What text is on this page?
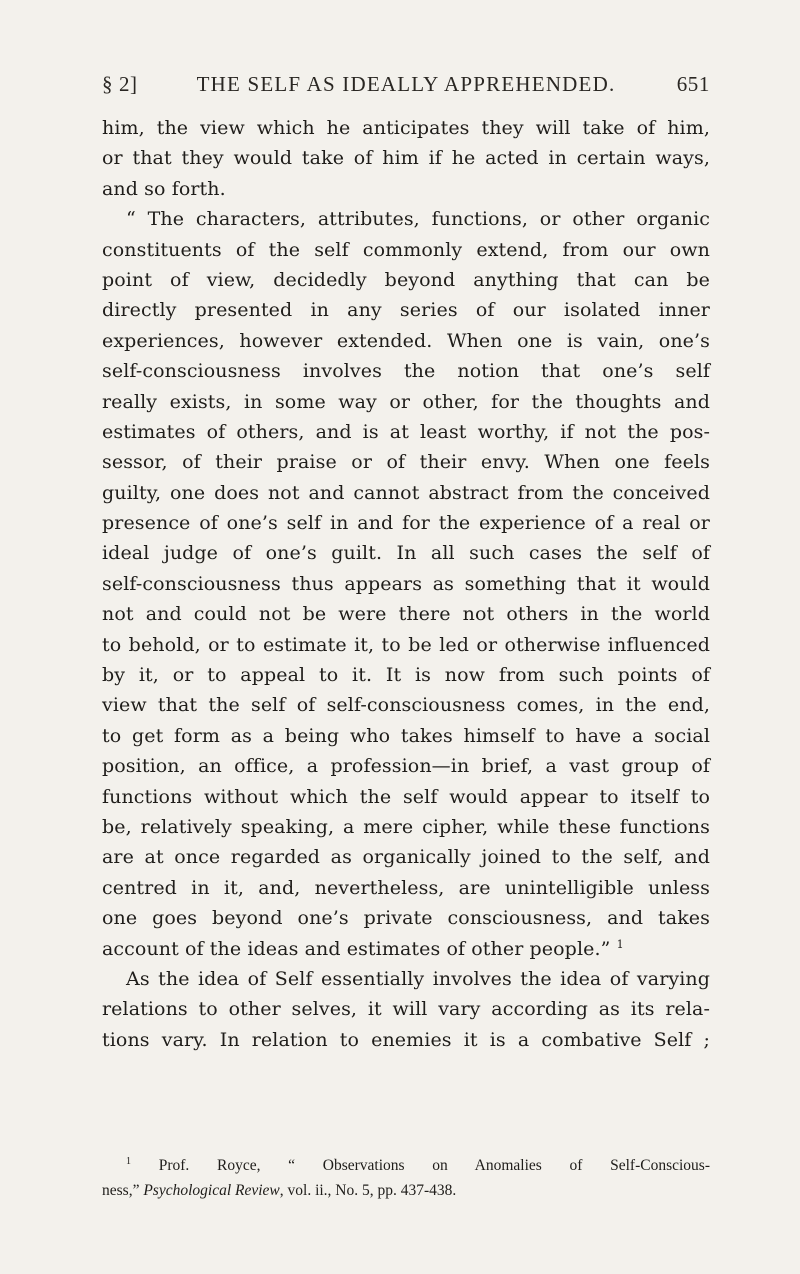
§ 2]	THE SELF AS IDEALLY APPREHENDED.	651
him, the view which he anticipates they will take of him,
or that they would take of him if he acted in certain ways,
and so forth.
“ The characters, attributes, functions, or other organic
constituents of the self commonly extend, from our own
point of view, decidedly beyond anything that can be
directly presented in any series of our isolated inner
experiences, however extended. When one is vain, one’s
self-consciousness involves the notion that one’s self
really exists, in some way or other, for the thoughts and
estimates of others, and is at least worthy, if not the pos-
sessor, of their praise or of their envy. When one feels
guilty, one does not and cannot abstract from the conceived
presence of one’s self in and for the experience of a real or
ideal judge of one’s guilt. In all such cases the self of
self-consciousness thus appears as something that it would
not and could not be were there not others in the world
to behold, or to estimate it, to be led or otherwise influenced
by it, or to appeal to it. It is now from such points of
view that the self of self-consciousness comes, in the end,
to get form as a being who takes himself to have a social
position, an office, a profession—in brief, a vast group of
functions without which the self would appear to itself to
be, relatively speaking, a mere cipher, while these functions
are at once regarded as organically joined to the self, and
centred in it, and, nevertheless, are unintelligible unless
one goes beyond one’s private consciousness, and takes
account of the ideas and estimates of other people.” $^1$
As the idea of Self essentially involves the idea of varying
relations to other selves, it will vary according as its rela-
tions vary. In relation to enemies it is a combative Self ;
$^1$ Prof. Royce, “ Observations on Anomalies of Self-Conscious-
ness,” Psychological Review, vol. ii., No. 5, pp. 437-438.
